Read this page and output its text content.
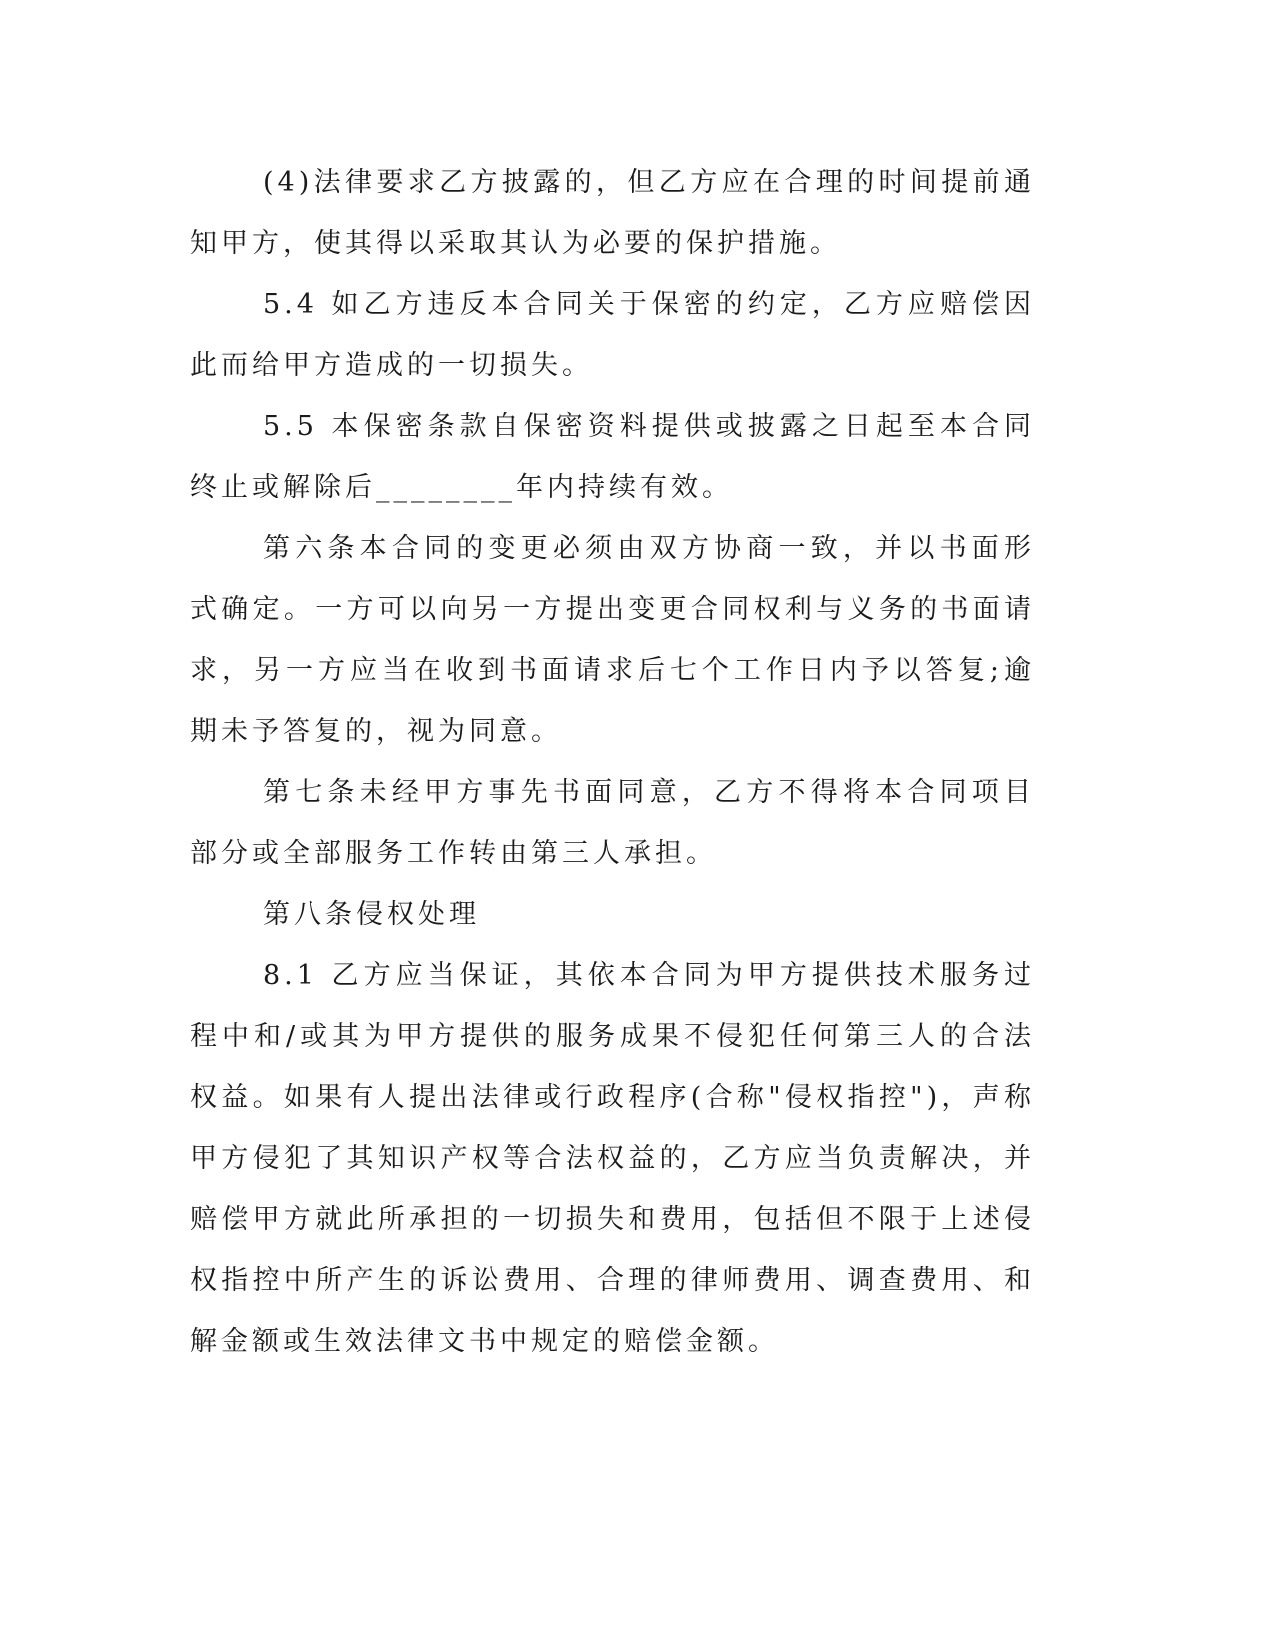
(4)法律要求乙方披露的，但乙方应在合理的时间提前通知甲方，使其得以采取其认为必要的保护措施。

5.4 如乙方违反本合同关于保密的约定，乙方应赔偿因此而给甲方造成的一切损失。

5.5 本保密条款自保密资料提供或披露之日起至本合同终止或解除后________年内持续有效。

第六条本合同的变更必须由双方协商一致，并以书面形式确定。一方可以向另一方提出变更合同权利与义务的书面请求，另一方应当在收到书面请求后七个工作日内予以答复;逾期未予答复的，视为同意。

第七条未经甲方事先书面同意，乙方不得将本合同项目部分或全部服务工作转由第三人承担。

第八条侵权处理

8.1 乙方应当保证，其依本合同为甲方提供技术服务过程中和/或其为甲方提供的服务成果不侵犯任何第三人的合法权益。如果有人提出法律或行政程序(合称"侵权指控")，声称甲方侵犯了其知识产权等合法权益的，乙方应当负责解决，并赔偿甲方就此所承担的一切损失和费用，包括但不限于上述侵权指控中所产生的诉讼费用、合理的律师费用、调查费用、和解金额或生效法律文书中规定的赔偿金额。
